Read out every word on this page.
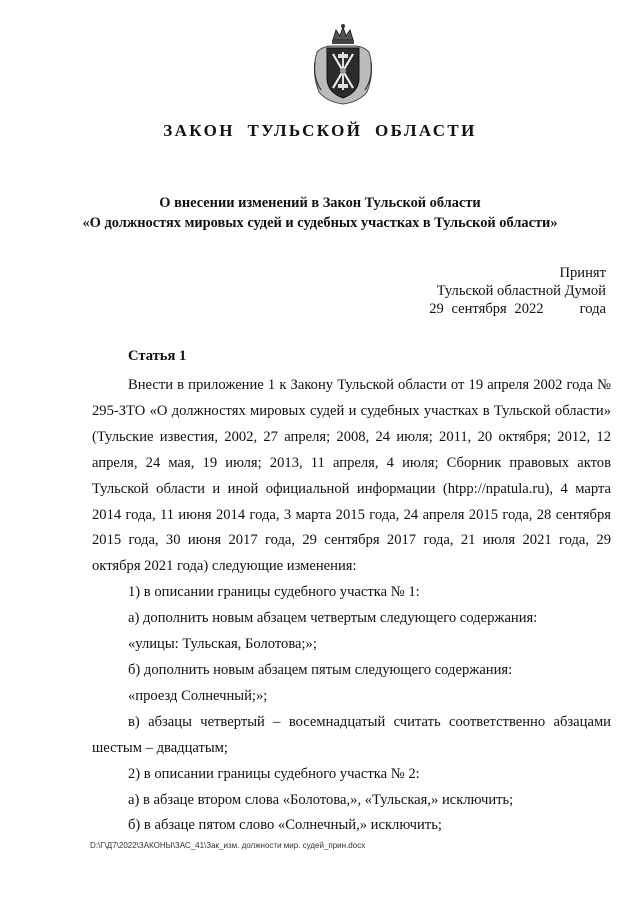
ЗАКОН ТУЛЬСКОЙ ОБЛАСТИ
О внесении изменений в Закон Тульской области
«О должностях мировых судей и судебных участках в Тульской области»
Принят
Тульской областной Думой
29 сентября 2022 года
Статья 1

Внести в приложение 1 к Закону Тульской области от 19 апреля 2002 года № 295-ЗТО «О должностях мировых судей и судебных участках в Тульской области» (Тульские известия, 2002, 27 апреля; 2008, 24 июля; 2011, 20 октября; 2012, 12 апреля, 24 мая, 19 июля; 2013, 11 апреля, 4 июля; Сборник правовых актов Тульской области и иной официальной информации (htpp://npatula.ru), 4 марта 2014 года, 11 июня 2014 года, 3 марта 2015 года, 24 апреля 2015 года, 28 сентября 2015 года, 30 июня 2017 года, 29 сентября 2017 года, 21 июля 2021 года, 29 октября 2021 года) следующие изменения:

1) в описании границы судебного участка № 1:

а) дополнить новым абзацем четвертым следующего содержания:

«улицы: Тульская, Болотова;»;

б) дополнить новым абзацем пятым следующего содержания:

«проезд Солнечный;»;

в) абзацы четвертый – восемнадцатый считать соответственно абзацами шестым – двадцатым;

2) в описании границы судебного участка № 2:

а) в абзаце втором слова «Болотова,», «Тульская,» исключить;

б) в абзаце пятом слово «Солнечный,» исключить;

D:\Г\Д7\2022\ЗАКОНЫ\ЗАС_41\Зак_изм. должности мир. судей_прин.docx
